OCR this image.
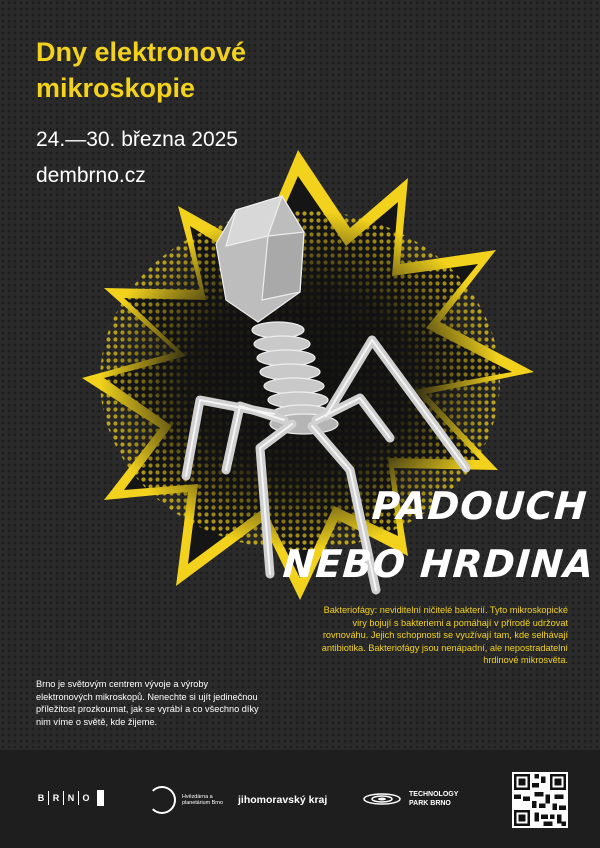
Dny elektronové mikroskopie
24.—30. března 2025
dembrno.cz
PADOUCH
NEBO HRDINA
Bakteriofágy: neviditelní ničitelé bakterií. Tyto mikroskopické viry bojují s bakteriemi a pomáhají v přírodě udržovat rovnováhu. Jejich schopnosti se využívají tam, kde selhávají antibiotika. Bakteriofágy jsou nenápadní, ale nepostradatelní hrdinové mikrosvěta.
Brno je světovým centrem vývoje a výroby elektronových mikroskopů. Nenechte si ujít jedinečnou příležitost prozkoumat, jak se vyrábí a co všechno díky nim víme o světě, kde žijeme.
B R N O	Hvězdárna a planetárium Brno	jihomoravský kraj	TECHNOLOGY
PARK BRNO
